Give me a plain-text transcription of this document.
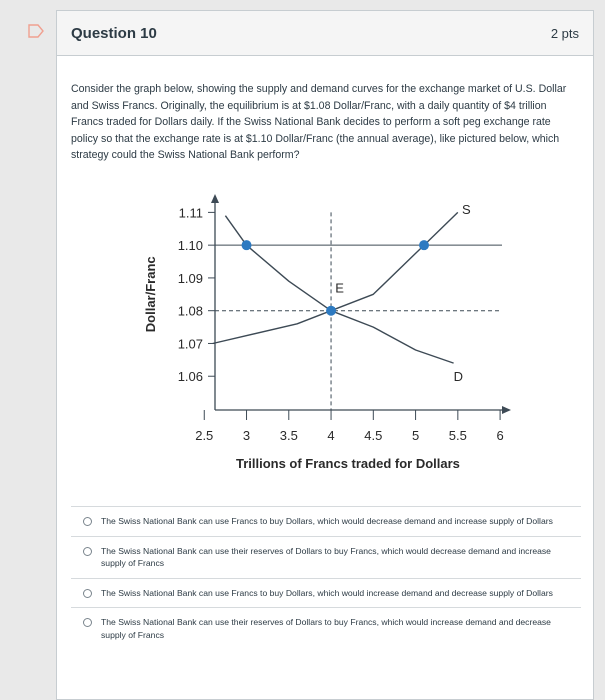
Question 10	2 pts
Consider the graph below, showing the supply and demand curves for the exchange market of U.S. Dollar and Swiss Francs. Originally, the equilibrium is at $1.08 Dollar/Franc, with a daily quantity of $4 trillion Francs traded for Dollars daily. If the Swiss National Bank decides to perform a soft peg exchange rate policy so that the exchange rate is at $1.10 Dollar/Franc (the annual average), like pictured below, which strategy could the Swiss National Bank perform?
1.11
1.10
1.09
1.08
1.07
1.06
2.5 3 3.5 4 4.5 5 5.5 6
Dollar/Franc
Trillions of Francs traded for Dollars
S
D
E
The Swiss National Bank can use Francs to buy Dollars, which would decrease demand and increase supply of Dollars
The Swiss National Bank can use their reserves of Dollars to buy Francs, which would decrease demand and increase supply of Francs
The Swiss National Bank can use Francs to buy Dollars, which would increase demand and decrease supply of Dollars
The Swiss National Bank can use their reserves of Dollars to buy Francs, which would increase demand and decrease supply of Francs
